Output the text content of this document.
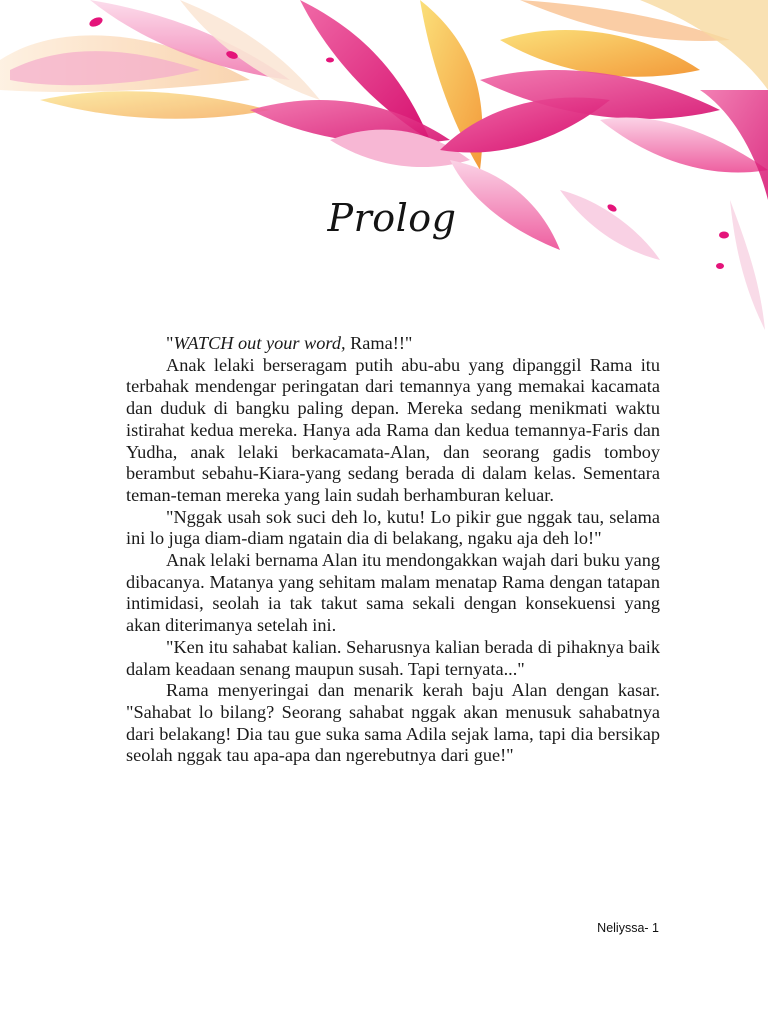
Prolog

"WATCH out your word, Rama!!"

Anak lelaki berseragam putih abu-abu yang dipanggil Rama itu terbahak mendengar peringatan dari temannya yang memakai kacamata dan duduk di bangku paling depan. Mereka sedang menikmati waktu istirahat kedua mereka. Hanya ada Rama dan kedua temannya-Faris dan Yudha, anak lelaki berkacamata-Alan, dan seorang gadis tomboy berambut sebahu-Kiara-yang sedang berada di dalam kelas. Sementara teman-teman mereka yang lain sudah berhamburan keluar.

"Nggak usah sok suci deh lo, kutu! Lo pikir gue nggak tau, selama ini lo juga diam-diam ngatain dia di belakang, ngaku aja deh lo!"

Anak lelaki bernama Alan itu mendongakkan wajah dari buku yang dibacanya. Matanya yang sehitam malam menatap Rama dengan tatapan intimidasi, seolah ia tak takut sama sekali dengan konsekuensi yang akan diterimanya setelah ini.

"Ken itu sahabat kalian. Seharusnya kalian berada di pihaknya baik dalam keadaan senang maupun susah. Tapi ternyata..."

Rama menyeringai dan menarik kerah baju Alan dengan kasar. "Sahabat lo bilang? Seorang sahabat nggak akan menusuk sahabatnya dari belakang! Dia tau gue suka sama Adila sejak lama, tapi dia bersikap seolah nggak tau apa-apa dan ngerebutnya dari gue!"

Neliyssa- 1
